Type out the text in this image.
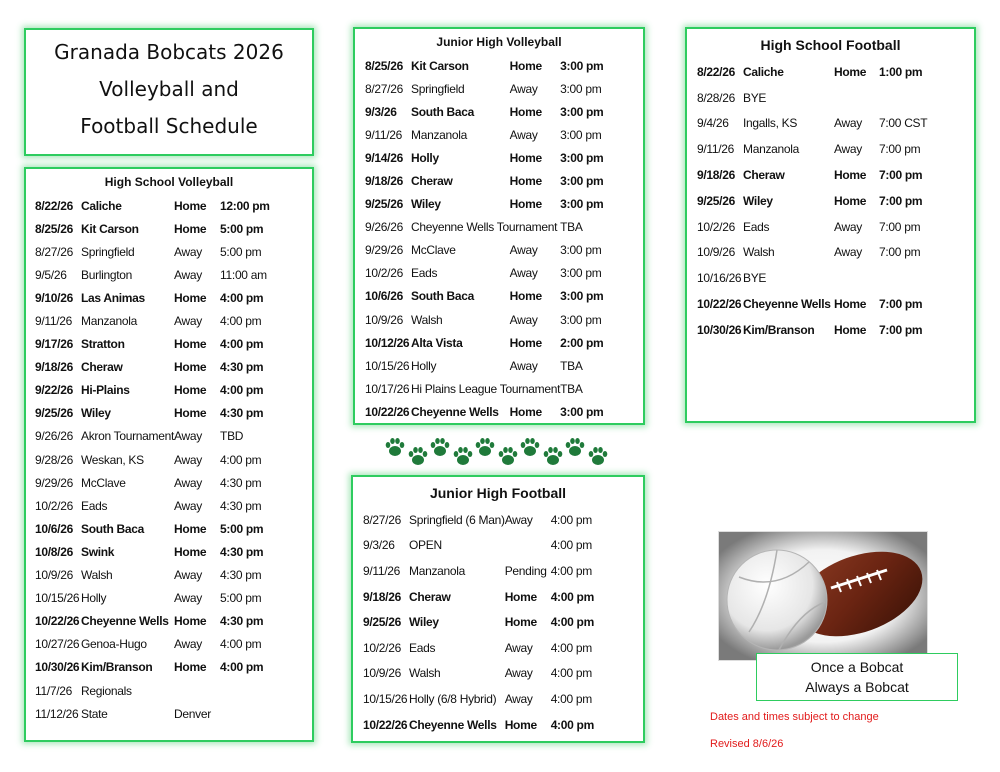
Granada Bobcats 2026
Volleyball and
Football Schedule
High School Volleyball
8/22/26	Caliche	Home	12:00 pm
8/25/26	Kit Carson	Home	5:00 pm
8/27/26	Springfield	Away	5:00 pm
9/5/26	Burlington	Away	11:00 am
9/10/26	Las Animas	Home	4:00 pm
9/11/26	Manzanola	Away	4:00 pm
9/17/26	Stratton	Home	4:00 pm
9/18/26	Cheraw	Home	4:30 pm
9/22/26	Hi-Plains	Home	4:00 pm
9/25/26	Wiley	Home	4:30 pm
9/26/26	Akron Tournament	Away	TBD
9/28/26	Weskan, KS	Away	4:00 pm
9/29/26	McClave	Away	4:30 pm
10/2/26	Eads	Away	4:30 pm
10/6/26	South Baca	Home	5:00 pm
10/8/26	Swink	Home	4:30 pm
10/9/26	Walsh	Away	4:30 pm
10/15/26	Holly	Away	5:00 pm
10/22/26	Cheyenne Wells	Home	4:30 pm
10/27/26	Genoa-Hugo	Away	4:00 pm
10/30/26	Kim/Branson	Home	4:00 pm
11/7/26	Regionals		
11/12/26	State	Denver	
Junior High Volleyball
8/25/26	Kit Carson	Home	3:00 pm
8/27/26	Springfield	Away	3:00 pm
9/3/26	South Baca	Home	3:00 pm
9/11/26	Manzanola	Away	3:00 pm
9/14/26	Holly	Home	3:00 pm
9/18/26	Cheraw	Home	3:00 pm
9/25/26	Wiley	Home	3:00 pm
9/26/26	Cheyenne Wells Tournament		TBA
9/29/26	McClave	Away	3:00 pm
10/2/26	Eads	Away	3:00 pm
10/6/26	South Baca	Home	3:00 pm
10/9/26	Walsh	Away	3:00 pm
10/12/26	Alta Vista	Home	2:00 pm
10/15/26	Holly	Away	TBA
10/17/26	Hi Plains League Tournament		TBA
10/22/26	Cheyenne Wells	Home	3:00 pm
Junior High Football
8/27/26	Springfield (6 Man)	Away	4:00 pm
9/3/26	OPEN		4:00 pm
9/11/26	Manzanola	Pending	4:00 pm
9/18/26	Cheraw	Home	4:00 pm
9/25/26	Wiley	Home	4:00 pm
10/2/26	Eads	Away	4:00 pm
10/9/26	Walsh	Away	4:00 pm
10/15/26	Holly (6/8 Hybrid)	Away	4:00 pm
10/22/26	Cheyenne Wells	Home	4:00 pm
High School Football
8/22/26	Caliche	Home	1:00 pm
8/28/26	BYE		
9/4/26	Ingalls, KS	Away	7:00 CST
9/11/26	Manzanola	Away	7:00 pm
9/18/26	Cheraw	Home	7:00 pm
9/25/26	Wiley	Home	7:00 pm
10/2/26	Eads	Away	7:00 pm
10/9/26	Walsh	Away	7:00 pm
10/16/26	BYE		
10/22/26	Cheyenne Wells	Home	7:00 pm
10/30/26	Kim/Branson	Home	7:00 pm
Once a Bobcat
Always a Bobcat
Dates and times subject to change
Revised 8/6/26
